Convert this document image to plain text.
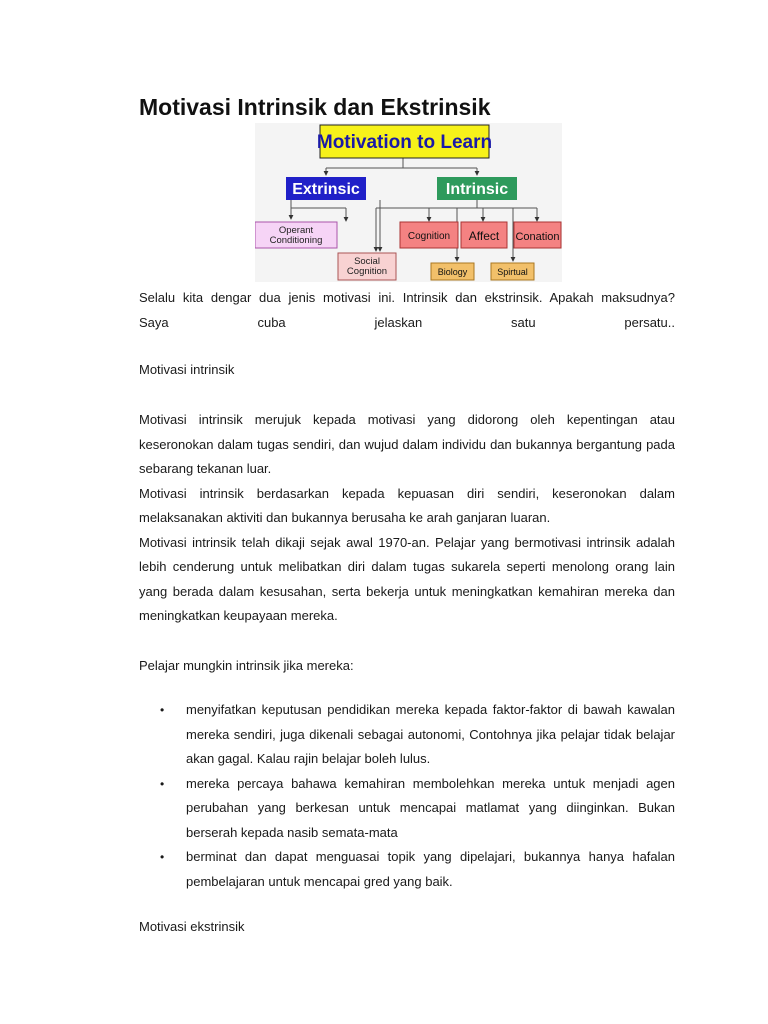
Motivasi Intrinsik dan Ekstrinsik
Motivation to Learn
Extrinsic	Intrinsic
Operant
Conditioning
Social
Cognition
Cognition Affect Conation
Biology	Spirtual
Selalu kita dengar dua jenis motivasi ini. Intrinsik dan ekstrinsik. Apakah maksudnya?
Saya cuba jelaskan satu persatu..

Motivasi intrinsik

Motivasi intrinsik merujuk kepada motivasi yang didorong oleh kepentingan atau keseronokan dalam tugas sendiri, dan wujud dalam individu dan bukannya bergantung pada sebarang tekanan luar.

Motivasi intrinsik berdasarkan kepada kepuasan diri sendiri, keseronokan dalam melaksanakan aktiviti dan bukannya berusaha ke arah ganjaran luaran.

Motivasi intrinsik telah dikaji sejak awal 1970-an. Pelajar yang bermotivasi intrinsik adalah lebih cenderung untuk melibatkan diri dalam tugas sukarela seperti menolong orang lain yang berada dalam kesusahan, serta bekerja untuk meningkatkan kemahiran mereka dan meningkatkan keupayaan mereka.

Pelajar mungkin intrinsik jika mereka:

• menyifatkan keputusan pendidikan mereka kepada faktor-faktor di bawah kawalan mereka sendiri, juga dikenali sebagai autonomi, Contohnya jika pelajar tidak belajar akan gagal. Kalau rajin belajar boleh lulus.
• mereka percaya bahawa kemahiran membolehkan mereka untuk menjadi agen perubahan yang berkesan untuk mencapai matlamat yang diinginkan. Bukan berserah kepada nasib semata-mata
• berminat dan dapat menguasai topik yang dipelajari, bukannya hanya hafalan pembelajaran untuk mencapai gred yang baik.

Motivasi ekstrinsik
